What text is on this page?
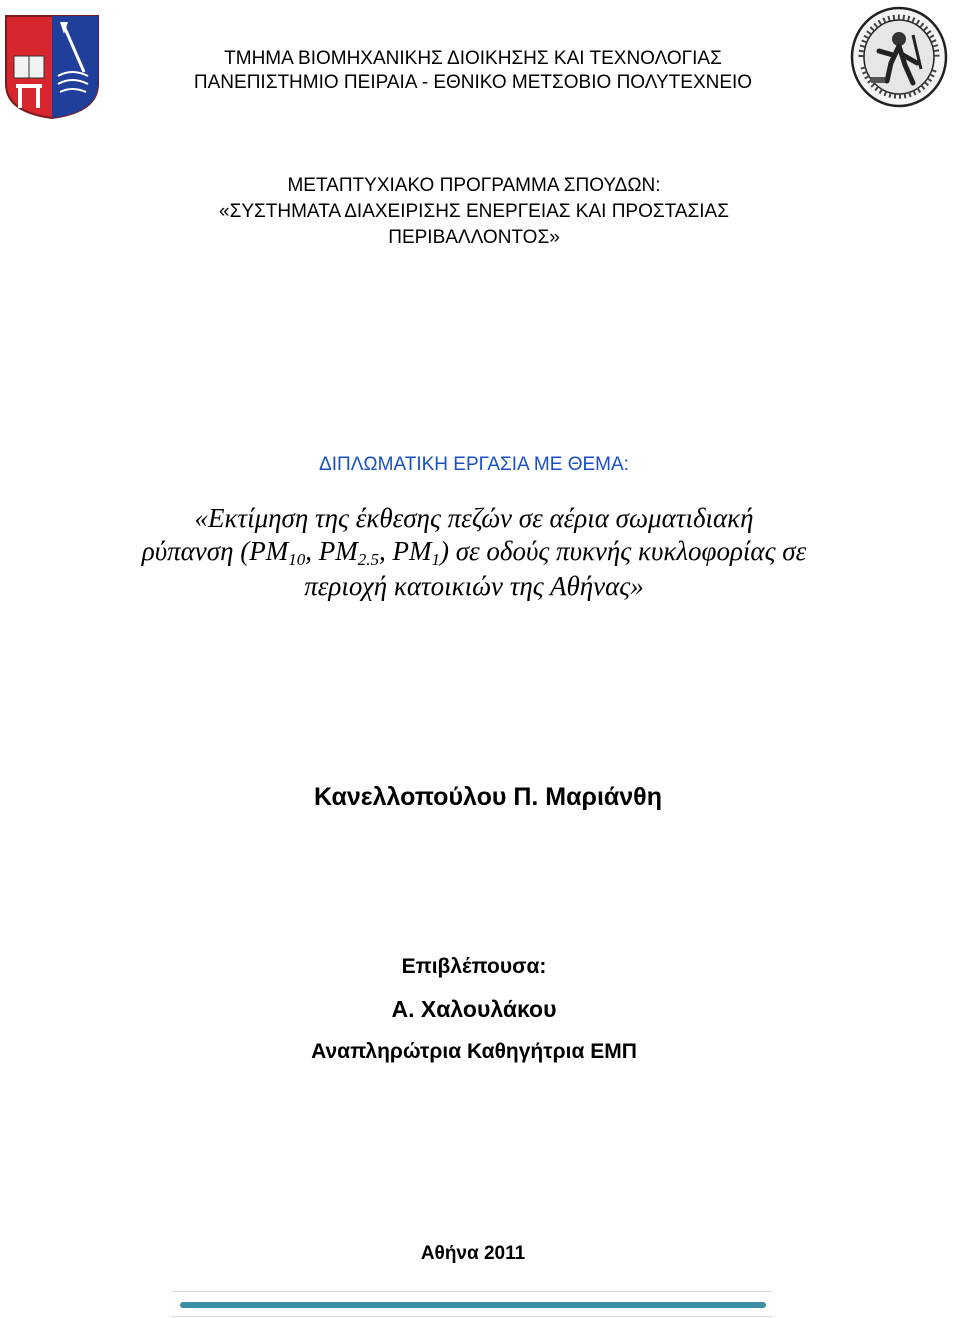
ΤΜΗΜΑ ΒΙΟΜΗΧΑΝΙΚΗΣ ΔΙΟΙΚΗΣΗΣ ΚΑΙ ΤΕΧΝΟΛΟΓΙΑΣ
ΠΑΝΕΠΙΣΤΗΜΙΟ ΠΕΙΡΑΙΑ - ΕΘΝΙΚΟ ΜΕΤΣΟΒΙΟ ΠΟΛΥΤΕΧΝΕΙΟ
ΜΕΤΑΠΤΥΧΙΑΚΟ ΠΡΟΓΡΑΜΜΑ ΣΠΟΥΔΩΝ:
«ΣΥΣΤΗΜΑΤΑ ΔΙΑΧΕΙΡΙΣΗΣ ΕΝΕΡΓΕΙΑΣ ΚΑΙ ΠΡΟΣΤΑΣΙΑΣ
ΠΕΡΙΒΑΛΛΟΝΤΟΣ»
ΔΙΠΛΩΜΑΤΙΚΗ ΕΡΓΑΣΙΑ ΜΕ ΘΕΜΑ:
«Εκτίμηση της έκθεσης πεζών σε αέρια σωματιδιακή
ρύπανση ($PM_{10}$, $PM_{2.5}$, $PM_1$) σε οδούς πυκνής κυκλοφορίας σε
περιοχή κατοικιών της Αθήνας»
Κανελλοπούλου Π. Μαριάνθη
Επιβλέπουσα:
Α. Χαλουλάκου
Αναπληρώτρια Καθηγήτρια ΕΜΠ
Αθήνα 2011
